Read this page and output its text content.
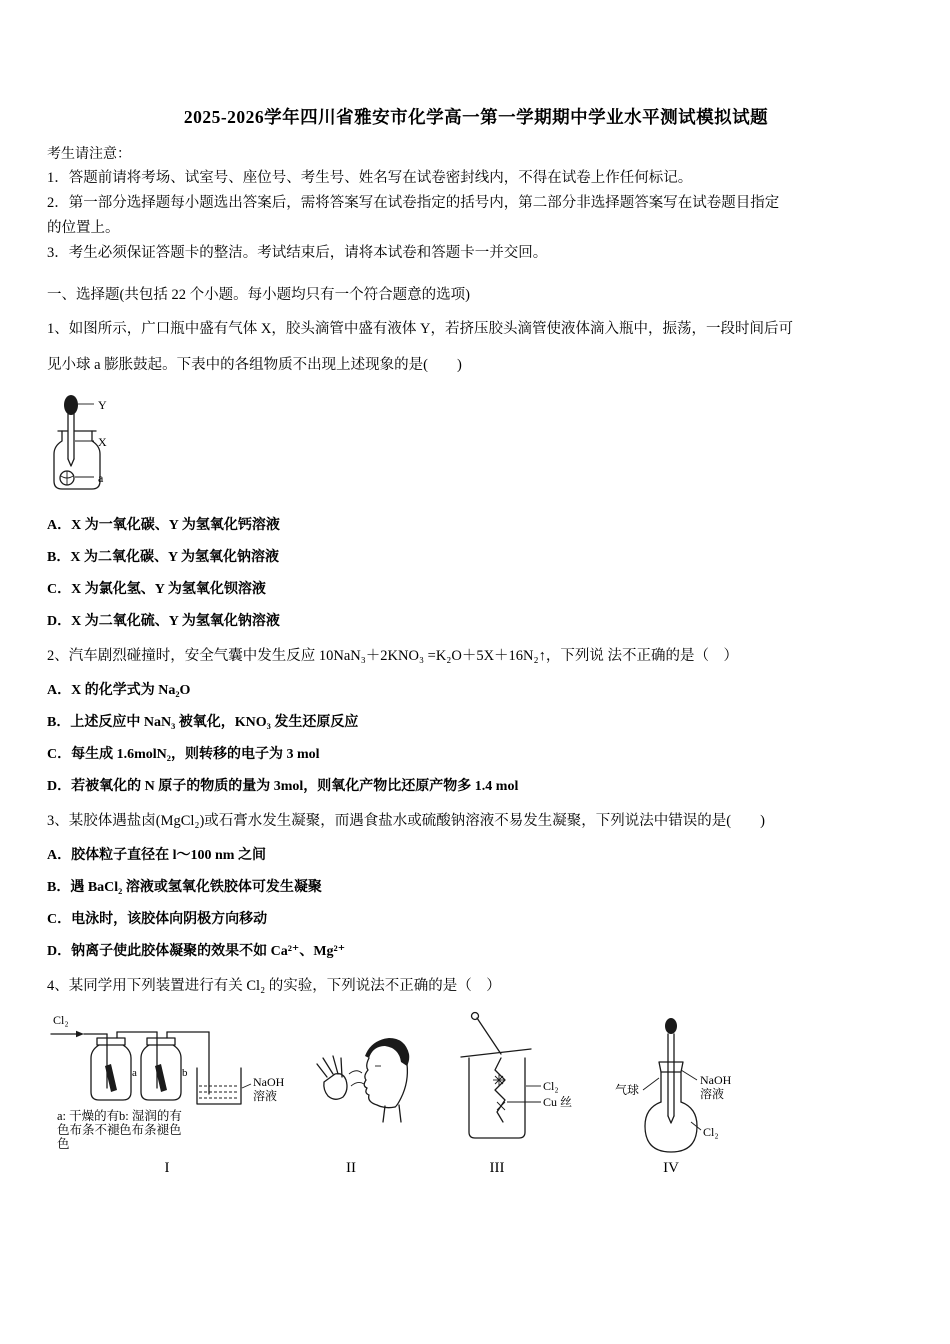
2025-2026学年四川省雅安市化学高一第一学期期中学业水平测试模拟试题

考生请注意：

1．答题前请将考场、试室号、座位号、考生号、姓名写在试卷密封线内，不得在试卷上作任何标记。

2．第一部分选择题每小题选出答案后，需将答案写在试卷指定的括号内，第二部分非选择题答案写在试卷题目指定

的位置上。

3．考生必须保证答题卡的整洁。考试结束后，请将本试卷和答题卡一并交回。

一、选择题(共包括 22 个小题。每小题均只有一个符合题意的选项)

1、如图所示，广口瓶中盛有气体 X，胶头滴管中盛有液体 Y，若挤压胶头滴管使液体滴入瓶中，振荡，一段时间后可

见小球 a 膨胀鼓起。下表中的各组物质不出现上述现象的是(　　)

Y
X
a

A．X 为一氧化碳、Y 为氢氧化钙溶液

B．X 为二氧化碳、Y 为氢氧化钠溶液

C．X 为氯化氢、Y 为氢氧化钡溶液

D．X 为二氧化硫、Y 为氢氧化钠溶液

2、汽车剧烈碰撞时，安全气囊中发生反应 10NaN₃＋2KNO₃ =K₂O＋5X＋16N₂↑，下列说 法不正确的是（　）

A．X 的化学式为 Na₂O

B．上述反应中 NaN₃ 被氧化，KNO₃ 发生还原反应

C．每生成 1.6molN₂，则转移的电子为 3 mol

D．若被氧化的 N 原子的物质的量为 3mol，则氧化产物比还原产物多 1.4 mol

3、某胶体遇盐卤(MgCl₂)或石膏水发生凝聚，而遇食盐水或硫酸钠溶液不易发生凝聚，下列说法中错误的是(　　)

A．胶体粒子直径在 l～100 nm 之间

B．遇 BaCl₂ 溶液或氢氧化铁胶体可发生凝聚

C．电泳时，该胶体向阴极方向移动

D．钠离子使此胶体凝聚的效果不如 Ca²⁺、Mg²⁺

4、某同学用下列装置进行有关 Cl₂ 的实验，下列说法不正确的是（　）

Cl₂
a	b
NaOH
溶液
a: 干燥的有
色布条不褪
色
b: 湿润的有
色布条褪色
I	II
Cl₂
Cu 丝
III
气球
NaOH
溶液
Cl₂
IV
